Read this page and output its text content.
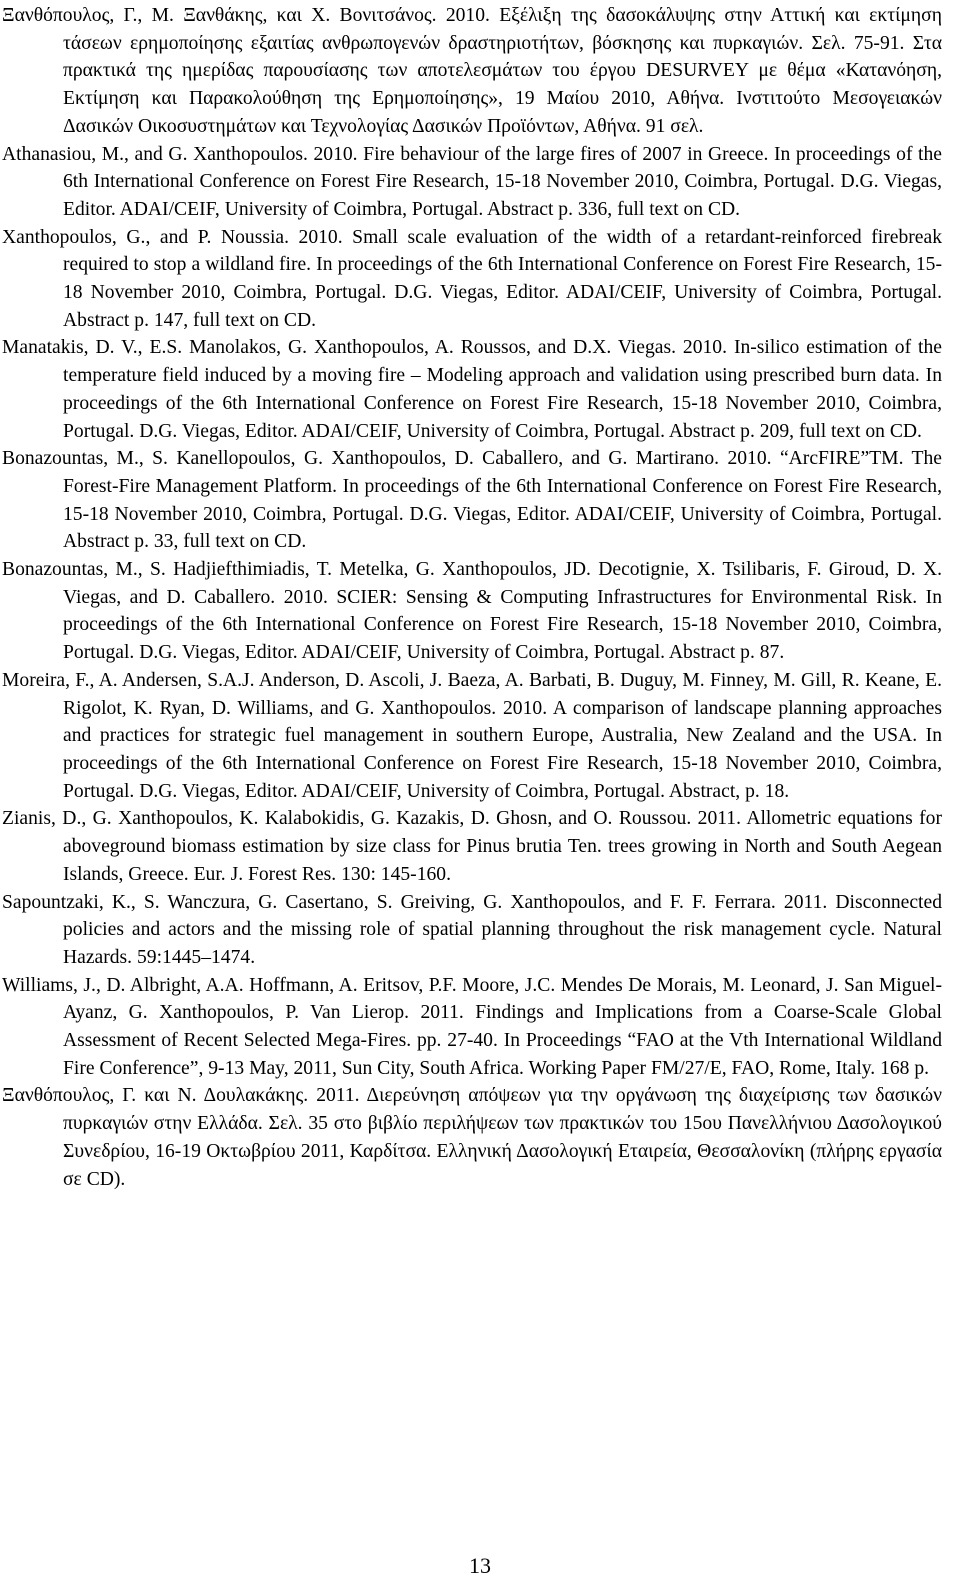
Ξανθόπουλος, Γ., Μ. Ξανθάκης, και Χ. Βονιτσάνος. 2010. Εξέλιξη της δασοκάλυψης στην Αττική και εκτίμηση τάσεων ερημοποίησης εξαιτίας ανθρωπογενών δραστηριοτήτων, βόσκησης και πυρκαγιών. Σελ. 75-91. Στα πρακτικά της ημερίδας παρουσίασης των αποτελεσμάτων του έργου DESURVEY με θέμα «Κατανόηση, Εκτίμηση και Παρακολούθηση της Ερημοποίησης», 19 Μαίου 2010, Αθήνα. Ινστιτούτο Μεσογειακών Δασικών Οικοσυστημάτων και Τεχνολογίας Δασικών Προϊόντων, Αθήνα. 91 σελ.

Athanasiou, M., and G. Xanthopoulos. 2010. Fire behaviour of the large fires of 2007 in Greece. In proceedings of the 6th International Conference on Forest Fire Research, 15-18 November 2010, Coimbra, Portugal. D.G. Viegas, Editor. ADAI/CEIF, University of Coimbra, Portugal. Abstract p. 336, full text on CD.

Xanthopoulos, G., and P. Noussia. 2010. Small scale evaluation of the width of a retardant-reinforced firebreak required to stop a wildland fire. In proceedings of the 6th International Conference on Forest Fire Research, 15-18 November 2010, Coimbra, Portugal. D.G. Viegas, Editor. ADAI/CEIF, University of Coimbra, Portugal. Abstract p. 147, full text on CD.

Manatakis, D. V., E.S. Manolakos, G. Xanthopoulos, A. Roussos, and D.X. Viegas. 2010. In-silico estimation of the temperature field induced by a moving fire – Modeling approach and validation using prescribed burn data. In proceedings of the 6th International Conference on Forest Fire Research, 15-18 November 2010, Coimbra, Portugal. D.G. Viegas, Editor. ADAI/CEIF, University of Coimbra, Portugal. Abstract p. 209, full text on CD.

Bonazountas, M., S. Kanellopoulos, G. Xanthopoulos, D. Caballero, and G. Martirano. 2010. “ArcFIRE”TM. The Forest-Fire Management Platform. In proceedings of the 6th International Conference on Forest Fire Research, 15-18 November 2010, Coimbra, Portugal. D.G. Viegas, Editor. ADAI/CEIF, University of Coimbra, Portugal. Abstract p. 33, full text on CD.

Bonazountas, M., S. Hadjiefthimiadis, T. Metelka, G. Xanthopoulos, JD. Decotignie, X. Tsilibaris, F. Giroud, D. X. Viegas, and D. Caballero. 2010. SCIER: Sensing & Computing Infrastructures for Environmental Risk. In proceedings of the 6th International Conference on Forest Fire Research, 15-18 November 2010, Coimbra, Portugal. D.G. Viegas, Editor. ADAI/CEIF, University of Coimbra, Portugal. Abstract p. 87.

Moreira, F., A. Andersen, S.A.J. Anderson, D. Ascoli, J. Baeza, A. Barbati, B. Duguy, M. Finney, M. Gill, R. Keane, E. Rigolot, K. Ryan, D. Williams, and G. Xanthopoulos. 2010. A comparison of landscape planning approaches and practices for strategic fuel management in southern Europe, Australia, New Zealand and the USA. In proceedings of the 6th International Conference on Forest Fire Research, 15-18 November 2010, Coimbra, Portugal. D.G. Viegas, Editor. ADAI/CEIF, University of Coimbra, Portugal. Abstract, p. 18.

Zianis, D., G. Xanthopoulos, K. Kalabokidis, G. Kazakis, D. Ghosn, and O. Roussou. 2011. Allometric equations for aboveground biomass estimation by size class for Pinus brutia Ten. trees growing in North and South Aegean Islands, Greece. Eur. J. Forest Res. 130: 145-160.

Sapountzaki, K., S. Wanczura, G. Casertano, S. Greiving, G. Xanthopoulos, and F. F. Ferrara. 2011. Disconnected policies and actors and the missing role of spatial planning throughout the risk management cycle. Natural Hazards. 59:1445–1474.

Williams, J., D. Albright, A.A. Hoffmann, A. Eritsov, P.F. Moore, J.C. Mendes De Morais, M. Leonard, J. San Miguel-Ayanz, G. Xanthopoulos, P. Van Lierop. 2011. Findings and Implications from a Coarse-Scale Global Assessment of Recent Selected Mega-Fires. pp. 27-40. In Proceedings “FAO at the Vth International Wildland Fire Conference”, 9-13 May, 2011, Sun City, South Africa. Working Paper FM/27/E, FAO, Rome, Italy. 168 p.

Ξανθόπουλος, Γ. και Ν. Δουλακάκης. 2011. Διερεύνηση απόψεων για την οργάνωση της διαχείρισης των δασικών πυρκαγιών στην Ελλάδα. Σελ. 35 στο βιβλίο περιλήψεων των πρακτικών του 15ου Πανελλήνιου Δασολογικού Συνεδρίου, 16-19 Οκτωβρίου 2011, Καρδίτσα. Ελληνική Δασολογική Εταιρεία, Θεσσαλονίκη (πλήρης εργασία σε CD).

13
